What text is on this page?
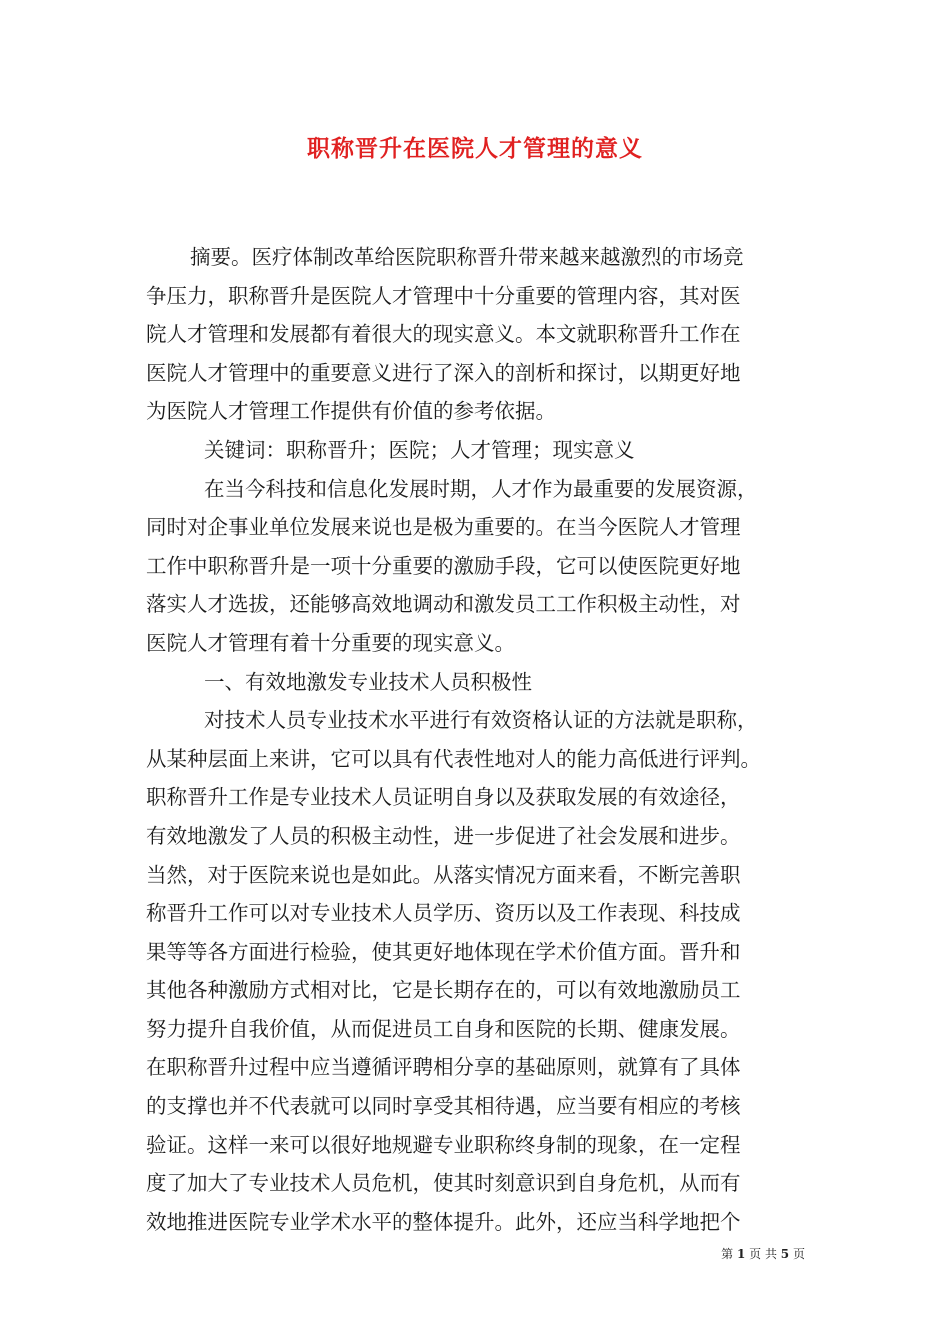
职称晋升在医院人才管理的意义
摘要。医疗体制改革给医院职称晋升带来越来越激烈的市场竞
争压力，职称晋升是医院人才管理中十分重要的管理内容，其对医
院人才管理和发展都有着很大的现实意义。本文就职称晋升工作在
医院人才管理中的重要意义进行了深入的剖析和探讨，以期更好地
为医院人才管理工作提供有价值的参考依据。
关键词：职称晋升；医院；人才管理；现实意义
在当今科技和信息化发展时期，人才作为最重要的发展资源，
同时对企事业单位发展来说也是极为重要的。在当今医院人才管理
工作中职称晋升是一项十分重要的激励手段，它可以使医院更好地
落实人才选拔，还能够高效地调动和激发员工工作积极主动性，对
医院人才管理有着十分重要的现实意义。
一、有效地激发专业技术人员积极性
对技术人员专业技术水平进行有效资格认证的方法就是职称，
从某种层面上来讲，它可以具有代表性地对人的能力高低进行评判。
职称晋升工作是专业技术人员证明自身以及获取发展的有效途径，
有效地激发了人员的积极主动性，进一步促进了社会发展和进步。
当然，对于医院来说也是如此。从落实情况方面来看，不断完善职
称晋升工作可以对专业技术人员学历、资历以及工作表现、科技成
果等等各方面进行检验，使其更好地体现在学术价值方面。晋升和
其他各种激励方式相对比，它是长期存在的，可以有效地激励员工
努力提升自我价值，从而促进员工自身和医院的长期、健康发展。
在职称晋升过程中应当遵循评聘相分享的基础原则，就算有了具体
的支撑也并不代表就可以同时享受其相待遇，应当要有相应的考核
验证。这样一来可以很好地规避专业职称终身制的现象，在一定程
度了加大了专业技术人员危机，使其时刻意识到自身危机，从而有
效地推进医院专业学术水平的整体提升。此外，还应当科学地把个
第 1 页 共 5 页
